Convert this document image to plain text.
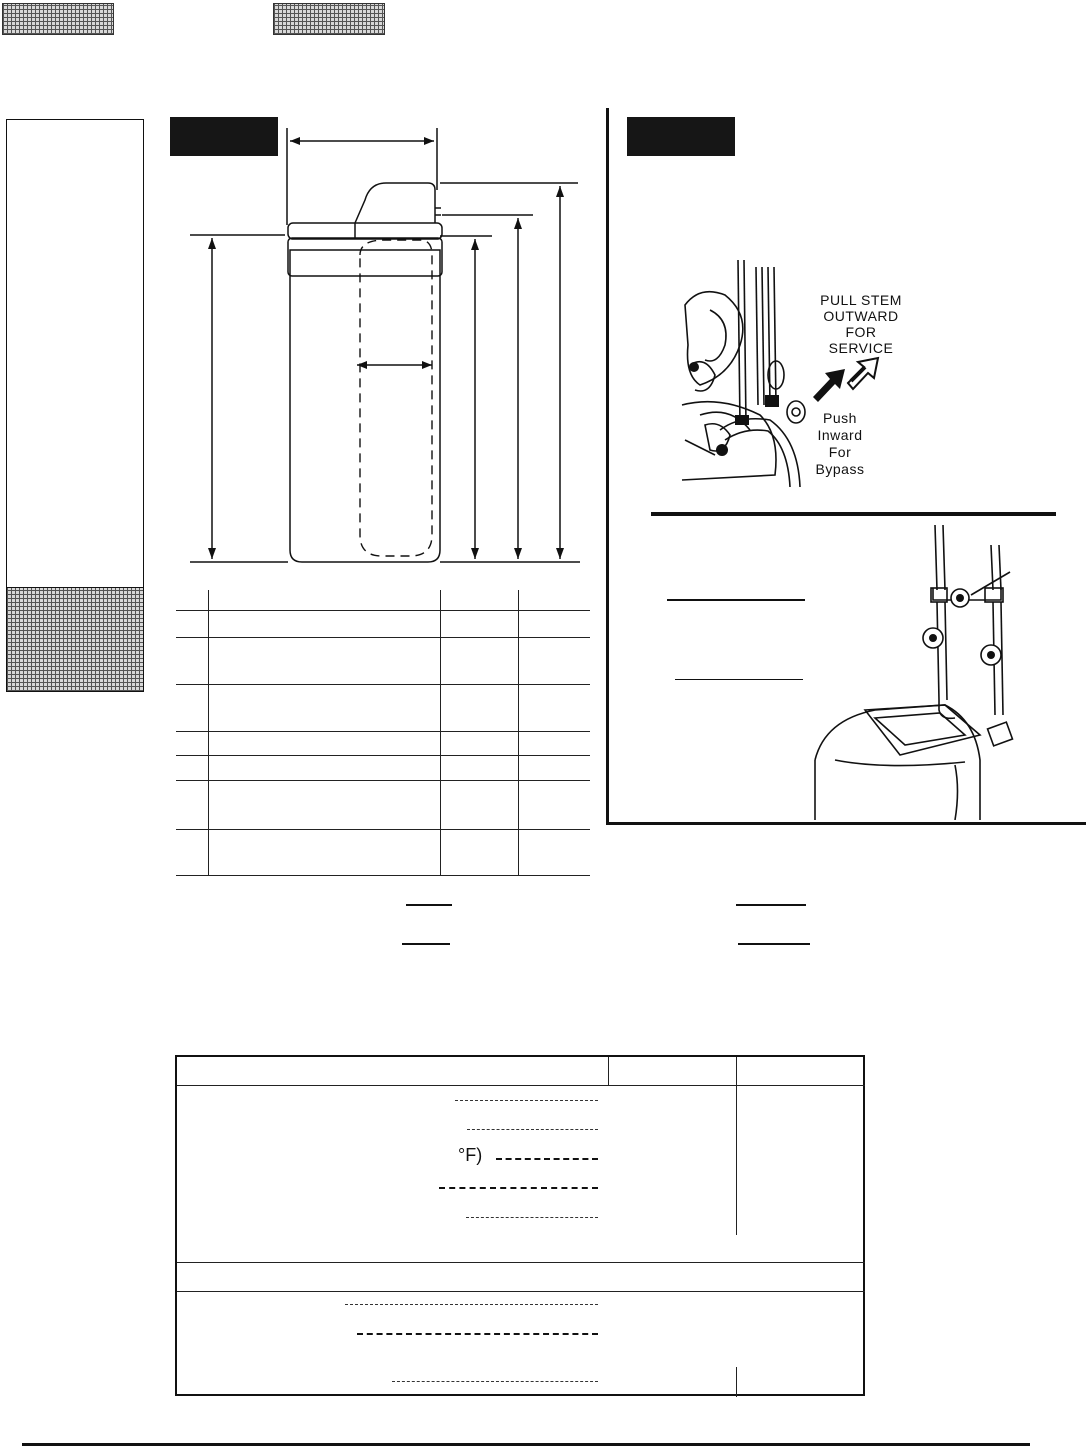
PULL STEM
OUTWARD
FOR
SERVICE
Push
Inward
For
Bypass
°F)
